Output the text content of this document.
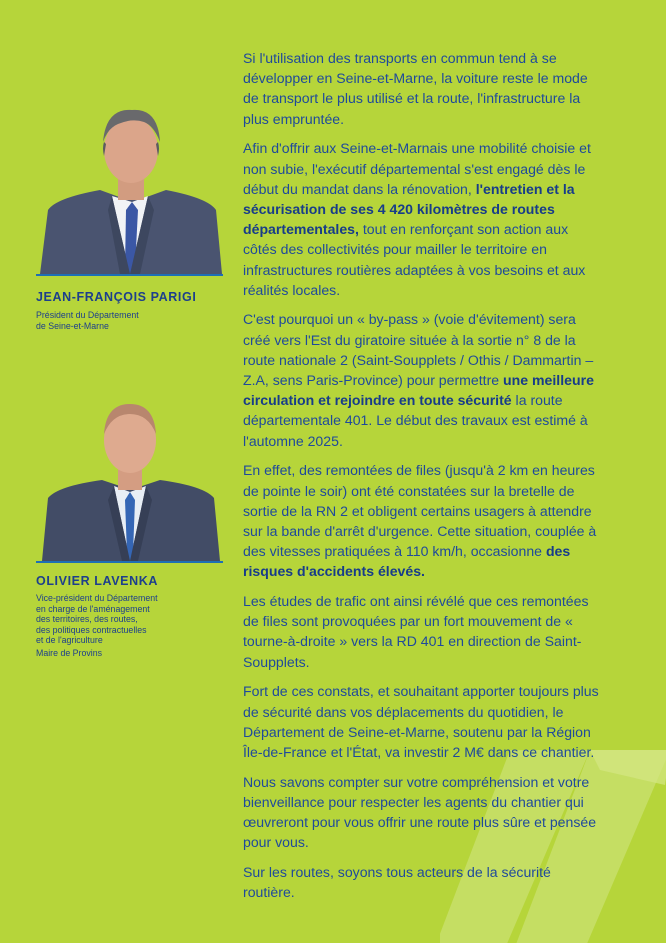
JEAN-FRANÇOIS PARIGI
Président du Département
de Seine-et-Marne
OLIVIER LAVENKA
Vice-président du Département
en charge de l'aménagement
des territoires, des routes,
des politiques contractuelles
et de l'agriculture
Maire de Provins

Si l'utilisation des transports en commun tend à se développer en Seine-et-Marne, la voiture reste le mode de transport le plus utilisé et la route, l'infrastructure la plus empruntée.

Afin d'offrir aux Seine-et-Marnais une mobilité choisie et non subie, l'exécutif départemental s'est engagé dès le début du mandat dans la rénovation, l'entretien et la sécurisation de ses 4 420 kilomètres de routes départementales, tout en renforçant son action aux côtés des collectivités pour mailler le territoire en infrastructures routières adaptées à vos besoins et aux réalités locales.

C'est pourquoi un « by-pass » (voie d'évitement) sera créé vers l'Est du giratoire située à la sortie n° 8 de la route nationale 2 (Saint-Soupplets / Othis / Dammartin – Z.A, sens Paris-Province) pour permettre une meilleure circulation et rejoindre en toute sécurité la route départementale 401. Le début des travaux est estimé à l'automne 2025.

En effet, des remontées de files (jusqu'à 2 km en heures de pointe le soir) ont été constatées sur la bretelle de sortie de la RN 2 et obligent certains usagers à attendre sur la bande d'arrêt d'urgence. Cette situation, couplée à des vitesses pratiquées à 110 km/h, occasionne des risques d'accidents élevés.

Les études de trafic ont ainsi révélé que ces remontées de files sont provoquées par un fort mouvement de « tourne-à-droite » vers la RD 401 en direction de Saint-Soupplets.

Fort de ces constats, et souhaitant apporter toujours plus de sécurité dans vos déplacements du quotidien, le Département de Seine-et-Marne, soutenu par la Région Île-de-France et l'État, va investir 2 M€ dans ce chantier.

Nous savons compter sur votre compréhension et votre bienveillance pour respecter les agents du chantier qui œuvreront pour vous offrir une route plus sûre et pensée pour vous.

Sur les routes, soyons tous acteurs de la sécurité routière.
